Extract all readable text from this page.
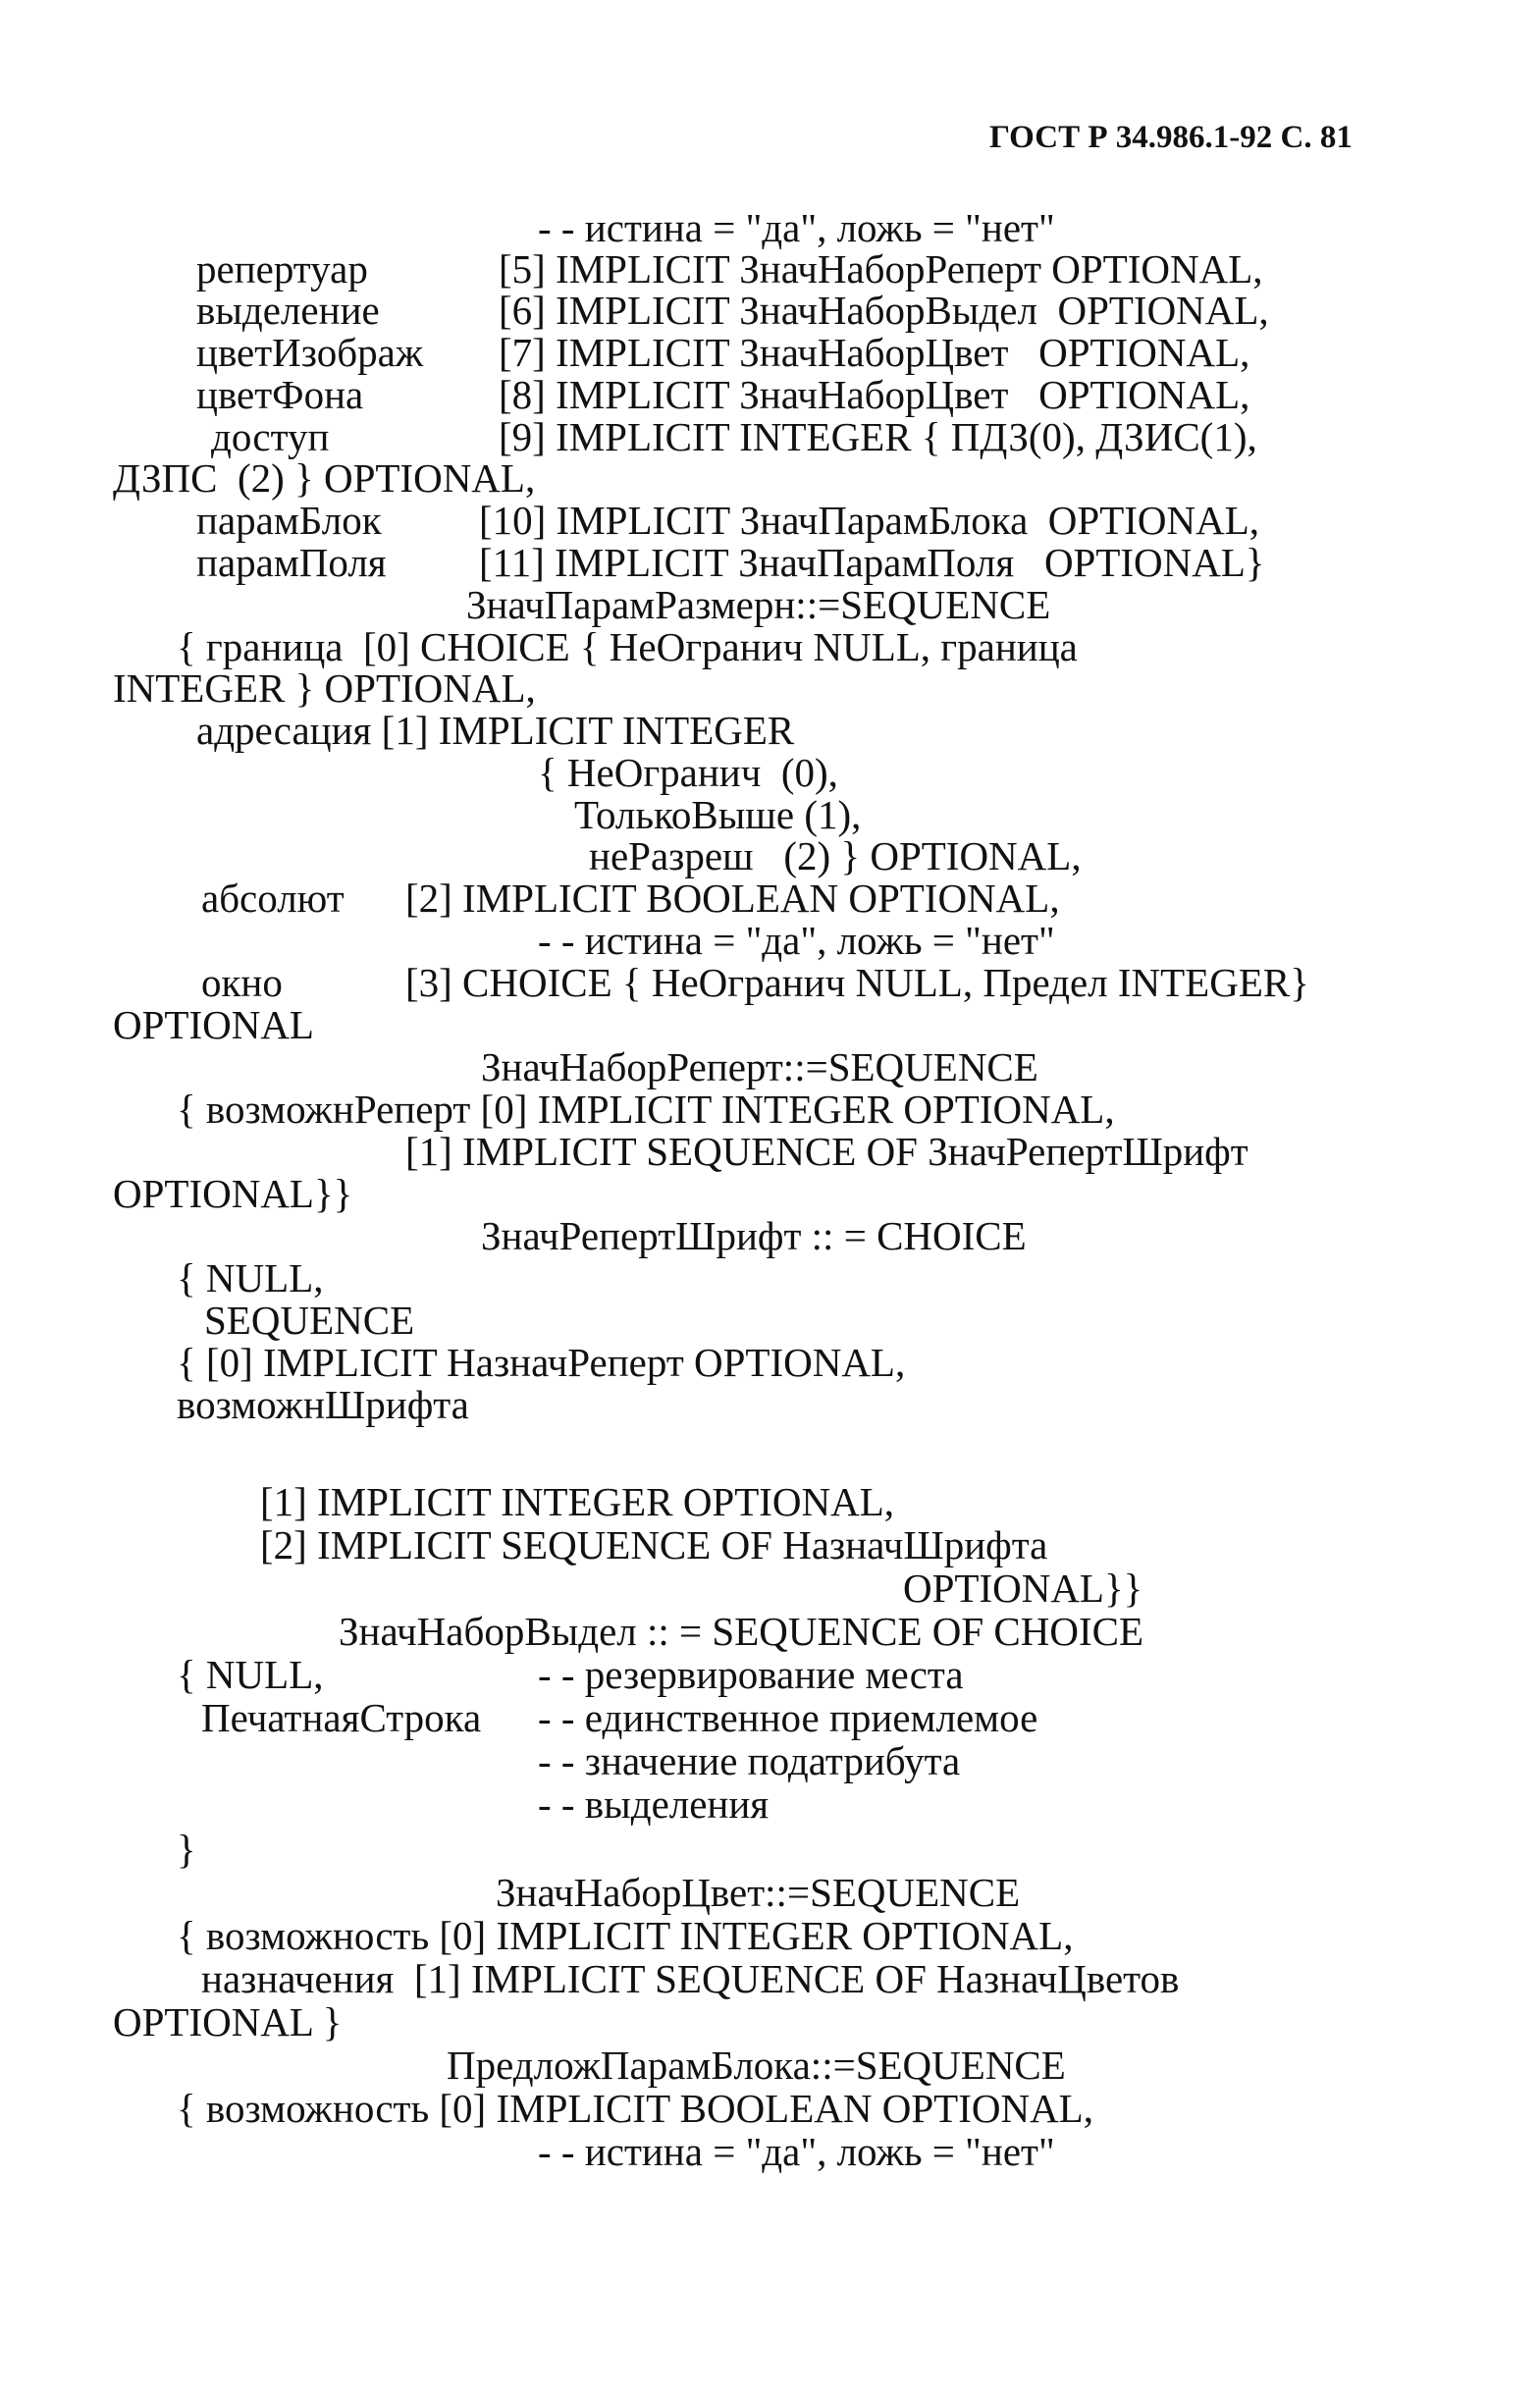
ГОСТ Р 34.986.1-92 С. 81
- - истина = "да", ложь = "нет"
репертуар	[5] IMPLICIT ЗначНаборРеперт OPTIONAL,
выделение	[6] IMPLICIT ЗначНаборВыдел  OPTIONAL,
цветИзображ [7] IMPLICIT ЗначНаборЦвет   OPTIONAL,
цветФона	[8] IMPLICIT ЗначНаборЦвет   OPTIONAL,
доступ	[9] IMPLICIT INTEGER { ПДЗ(0), ДЗИС(1),
ДЗПС  (2) } OPTIONAL,
парамБлок [10] IMPLICIT ЗначПарамБлока  OPTIONAL,
парамПоля [11] IMPLICIT ЗначПарамПоля   OPTIONAL}
ЗначПарамРазмерн::=SEQUENCE
{ граница  [0] CHOICE { НеОгранич NULL, граница
INTEGER } OPTIONAL,
адресация [1] IMPLICIT INTEGER
{ НеОгранич  (0),
ТолькоВыше (1),
неРазреш   (2) } OPTIONAL,
абсолют [2] IMPLICIT BOOLEAN OPTIONAL,
- - истина = "да", ложь = "нет"
окно	[3] CHOICE { НеОгранич NULL, Предел INTEGER}
OPTIONAL
ЗначНаборРеперт::=SEQUENCE
{ возможнРеперт [0] IMPLICIT INTEGER OPTIONAL,
[1] IMPLICIT SEQUENCE OF ЗначРепертШрифт
OPTIONAL}}
ЗначРепертШрифт :: = CHOICE
{ NULL,
SEQUENCE
{ [0] IMPLICIT НазначРеперт OPTIONAL,
возможнШрифта
[1] IMPLICIT INTEGER OPTIONAL,
[2] IMPLICIT SEQUENCE OF НазначШрифта
OPTIONAL}}
ЗначНаборВыдел :: = SEQUENCE OF CHOICE
{ NULL,	- - резервирование места
ПечатнаяСтрока - - единственное приемлемое
- - значение податрибута
- - выделения
}
ЗначНаборЦвет::=SEQUENCE
{ возможность [0] IMPLICIT INTEGER OPTIONAL,
назначения  [1] IMPLICIT SEQUENCE OF НазначЦветов
OPTIONAL }
ПредложПарамБлока::=SEQUENCE
{ возможность [0] IMPLICIT BOOLEAN OPTIONAL,
- - истина = "да", ложь = "нет"
